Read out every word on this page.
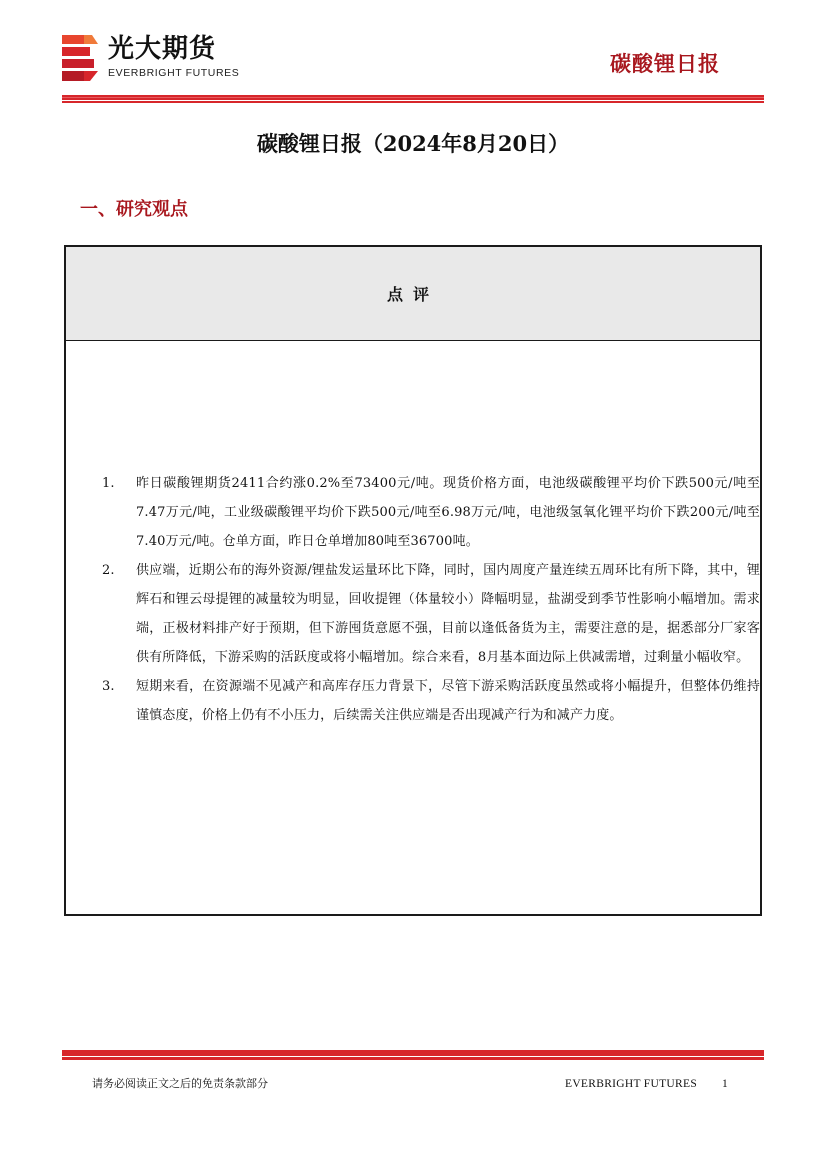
光大期货
EVERBRIGHT FUTURES	碳酸锂日报
碳酸锂日报（2024年8月20日）
一、研究观点
点评
1. 昨日碳酸锂期货2411合约涨0.2%至73400元/吨。现货价格方面，电池级碳酸锂平均价下跌500元/吨至7.47万元/吨，工业级碳酸锂平均价下跌500元/吨至6.98万元/吨，电池级氢氧化锂平均价下跌200元/吨至7.40万元/吨。仓单方面，昨日仓单增加80吨至36700吨。
2. 供应端，近期公布的海外资源/锂盐发运量环比下降，同时，国内周度产量连续五周环比有所下降，其中，锂辉石和锂云母提锂的减量较为明显，回收提锂（体量较小）降幅明显，盐湖受到季节性影响小幅增加。需求端，正极材料排产好于预期，但下游囤货意愿不强，目前以逢低备货为主，需要注意的是，据悉部分厂家客供有所降低，下游采购的活跃度或将小幅增加。综合来看，8月基本面边际上供减需增，过剩量小幅收窄。
3. 短期来看，在资源端不见减产和高库存压力背景下，尽管下游采购活跃度虽然或将小幅提升，但整体仍维持谨慎态度，价格上仍有不小压力，后续需关注供应端是否出现减产行为和减产力度。
请务必阅读正文之后的免责条款部分	EVERBRIGHT FUTURES 1
